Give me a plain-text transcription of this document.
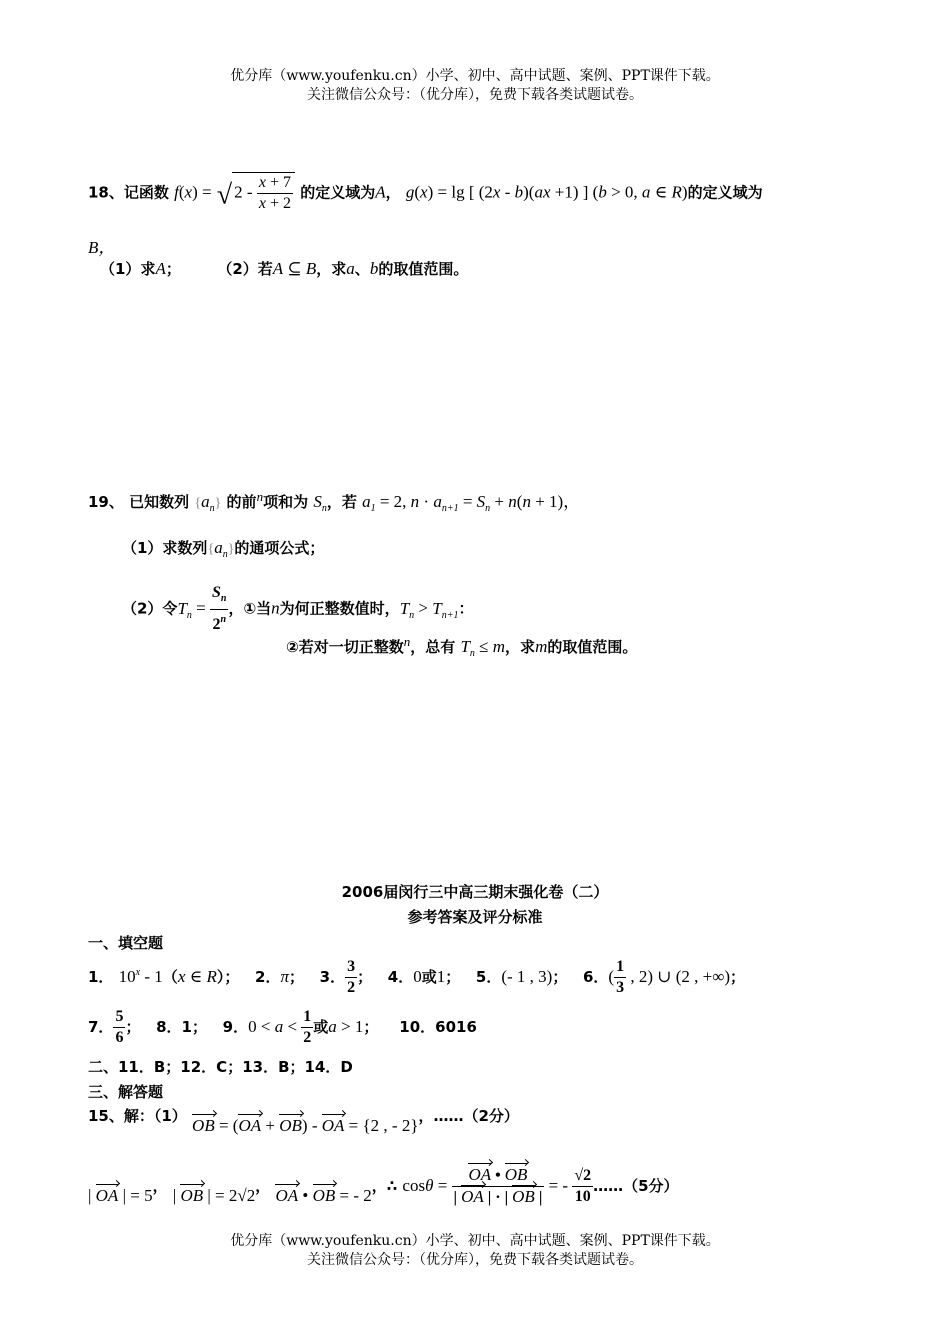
优分库（www.youfenku.cn）小学、初中、高中试题、案例、PPT课件下载。
关注微信公众号：（优分库），免费下载各类试题试卷。
18、记函数 f(x) = √ $2 - \frac{x + 7}{x + 2}$ 的定义域为A， g(x) = lg [ (2x - b)(ax +1) ] (b > 0, a ∈ R)的定义域为
B，
（1）求A； （2）若A ⊆ B，求a、b的取值范围。
19、 已知数列 $\{a_n\}$ 的前n项和为 $S_n$，若 $a_1 = 2$, $n \cdot a_{n+1} = S_n + n(n + 1)$，
（1）求数列$\{a_n\}$的通项公式；
（2）令$T_n = \frac{S_n}{2^n}$ ，①当n为何正整数值时，$T_n > T_{n+1}$：
②若对一切正整数n，总有 $T_n \le m$，求m的取值范围。
2006届闵行三中高三期末强化卷（二）
参考答案及评分标准
一、填空题
1． 10$^x$ - 1（x ∈ R）；   2．π；   3． $\frac{3}{2}$ ；   4．0或1；   5．(- 1 , 3)；   6．( $\frac{1}{3}$ , 2) ∪ (2 , +∞)；
7． $\frac{5}{6}$ ；   8．1； 9．$0 < a < \frac{1}{2}$ 或a > 1；    10．6016
二、11．B；12．C；13．B；14．D
三、解答题
15、解：（1） OB = (OA + OB) - OA = {2 , - 2}，……（2分）
| OA | = 5， | OB | = 2√2， OA • OB = - 2，∴ $\cos\theta = \frac{OA • OB}{| OA | \cdot | OB |}$ = - $\frac{√2}{10}$ ……（5分）
优分库（www.youfenku.cn）小学、初中、高中试题、案例、PPT课件下载。
关注微信公众号：（优分库），免费下载各类试题试卷。
